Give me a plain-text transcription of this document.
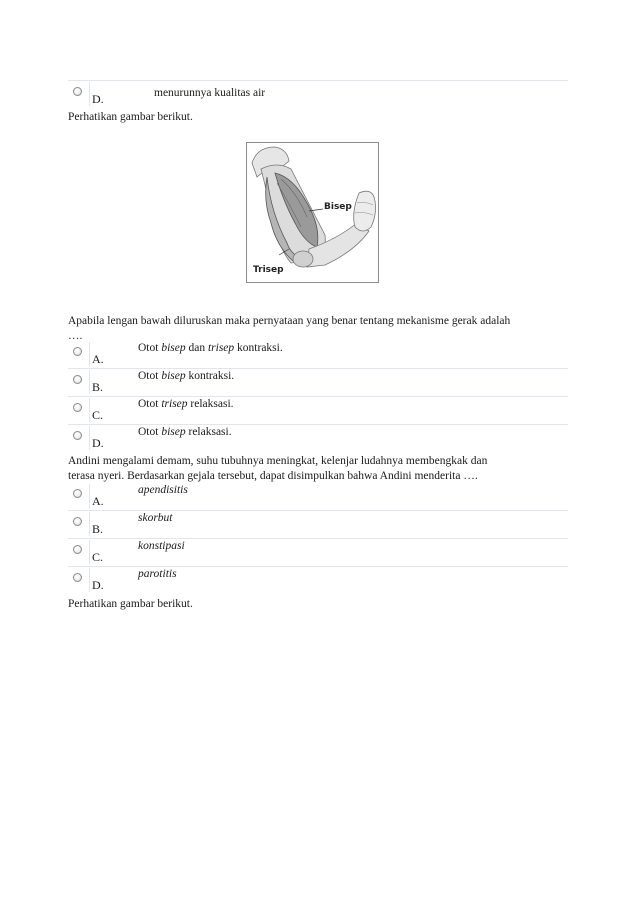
D.	menurunnya kualitas air
Perhatikan gambar berikut.
Bisep
Trisep
Apabila lengan bawah diluruskan maka pernyataan yang benar tentang mekanisme gerak adalah
….
A.
Otot bisep dan trisep kontraksi.
B.
Otot bisep kontraksi.
C.
Otot trisep relaksasi.
D.
Otot bisep relaksasi.
Andini mengalami demam, suhu tubuhnya meningkat, kelenjar ludahnya membengkak dan
terasa nyeri. Berdasarkan gejala tersebut, dapat disimpulkan bahwa Andini menderita ….
A.
apendisitis
B.
skorbut
C.
konstipasi
D.
parotitis
Perhatikan gambar berikut.
